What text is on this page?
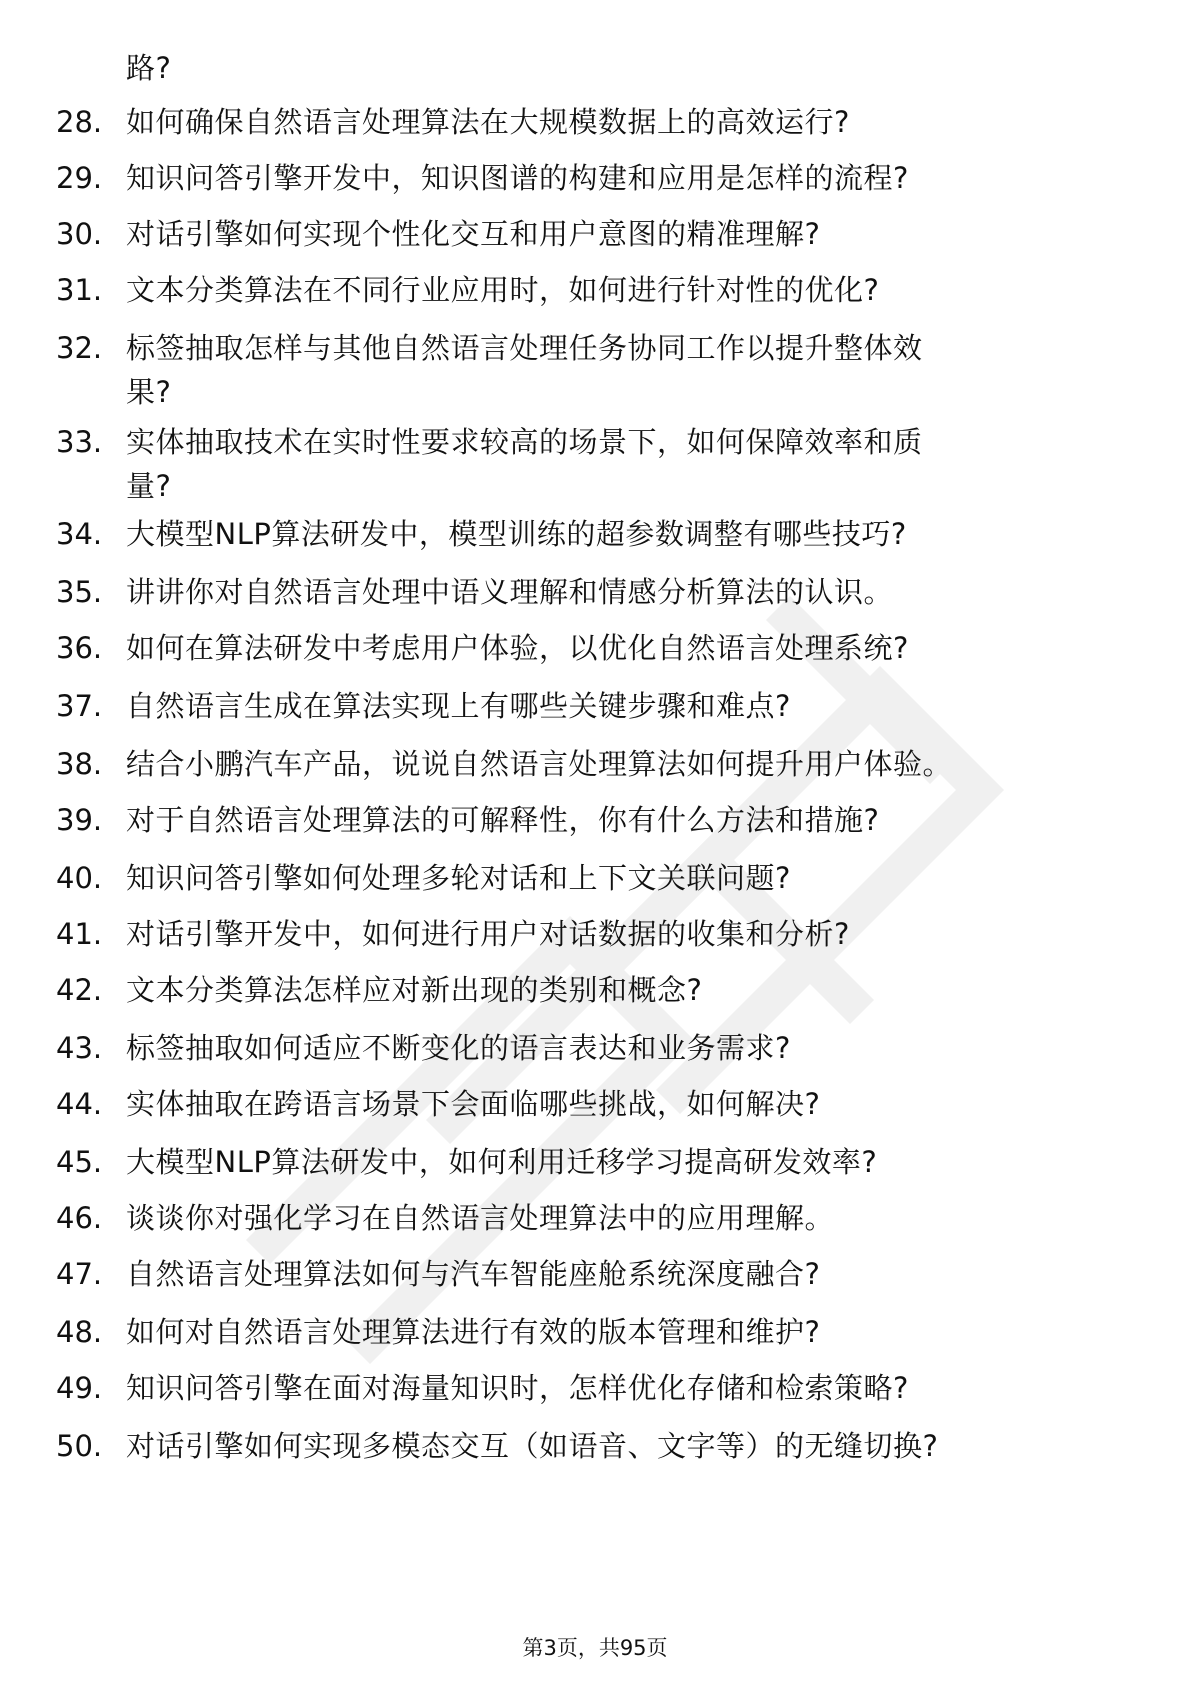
路?
28. 如何确保自然语言处理算法在大规模数据上的高效运行?
29. 知识问答引擎开发中，知识图谱的构建和应用是怎样的流程?
30. 对话引擎如何实现个性化交互和用户意图的精准理解?
31. 文本分类算法在不同行业应用时，如何进行针对性的优化?
32. 标签抽取怎样与其他自然语言处理任务协同工作以提升整体效
果?
33. 实体抽取技术在实时性要求较高的场景下，如何保障效率和质
量?
34. 大模型NLP算法研发中，模型训练的超参数调整有哪些技巧?
35. 讲讲你对自然语言处理中语义理解和情感分析算法的认识。
36. 如何在算法研发中考虑用户体验，以优化自然语言处理系统?
37. 自然语言生成在算法实现上有哪些关键步骤和难点?
38. 结合小鹏汽车产品，说说自然语言处理算法如何提升用户体验。
39. 对于自然语言处理算法的可解释性，你有什么方法和措施?
40. 知识问答引擎如何处理多轮对话和上下文关联问题?
41. 对话引擎开发中，如何进行用户对话数据的收集和分析?
42. 文本分类算法怎样应对新出现的类别和概念?
43. 标签抽取如何适应不断变化的语言表达和业务需求?
44. 实体抽取在跨语言场景下会面临哪些挑战，如何解决?
45. 大模型NLP算法研发中，如何利用迁移学习提高研发效率?
46. 谈谈你对强化学习在自然语言处理算法中的应用理解。
47. 自然语言处理算法如何与汽车智能座舱系统深度融合?
48. 如何对自然语言处理算法进行有效的版本管理和维护?
49. 知识问答引擎在面对海量知识时，怎样优化存储和检索策略?
50. 对话引擎如何实现多模态交互（如语音、文字等）的无缝切换?
第3页，共95页
